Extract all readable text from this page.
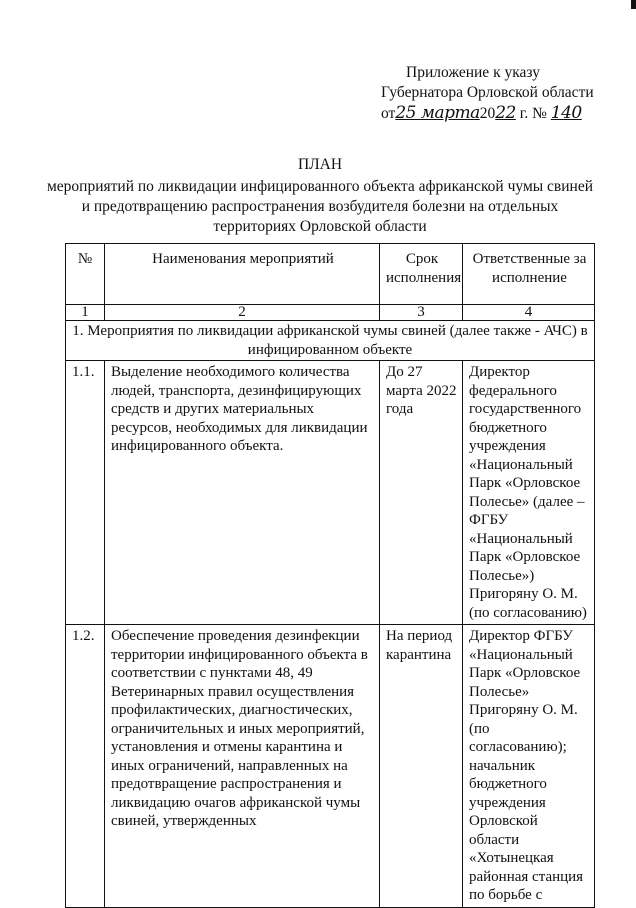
Приложение к указу
Губернатора Орловской области
от25 марта2022 г. № 140
ПЛАН
мероприятий по ликвидации инфицированного объекта африканской чумы свиней
и предотвращению распространения возбудителя болезни на отдельных
территориях Орловской области
№	Наименования мероприятий	Срок исполнения	Ответственные за исполнение
1	2	3	4
1. Мероприятия по ликвидации африканской чумы свиней (далее также - АЧС) в инфицированном объекте			
1.1.	Выделение необходимого количества людей, транспорта, дезинфицирующих средств и других материальных ресурсов, необходимых для ликвидации инфицированного объекта.	До 27 марта 2022 года	Директор федерального государственного бюджетного учреждения «Национальный Парк «Орловское Полесье» (далее – ФГБУ «Национальный Парк «Орловское Полесье») Пригоряну О. М. (по согласованию)
1.2.	Обеспечение проведения дезинфекции территории инфицированного объекта в соответствии с пунктами 48, 49 Ветеринарных правил осуществления профилактических, диагностических, ограничительных и иных мероприятий, установления и отмены карантина и иных ограничений, направленных на предотвращение распространения и ликвидацию очагов африканской чумы свиней, утвержденных	На период карантина	Директор ФГБУ «Национальный Парк «Орловское Полесье» Пригоряну О. М. (по согласованию); начальник бюджетного учреждения Орловской области «Хотынецкая районная станция по борьбе с
